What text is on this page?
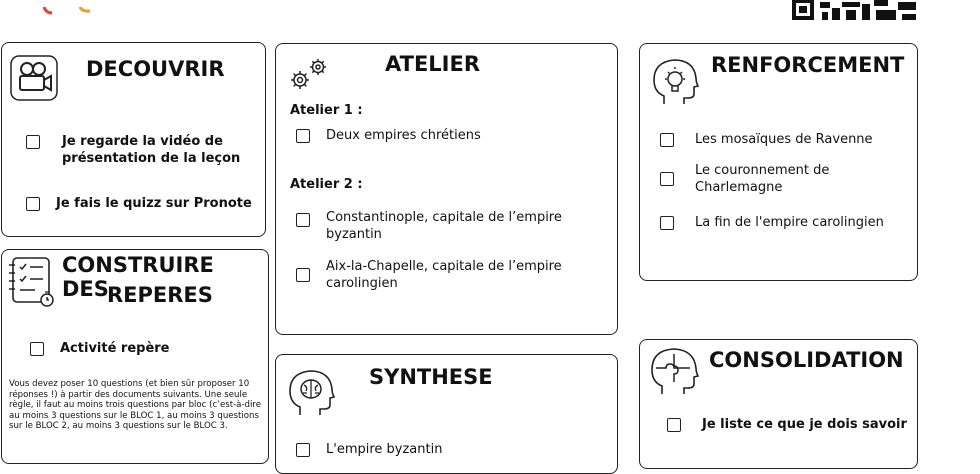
DECOUVRIR
Je regarde la vidéo de présentation de la leçon
Je fais le quizz sur Pronote
ATELIER
Atelier 1 :
Deux empires chrétiens
Atelier 2 :
Constantinople, capitale de l’empire byzantin
Aix-la-Chapelle, capitale de l’empire carolingien
RENFORCEMENT
Les mosaïques de Ravenne
Le couronnement de Charlemagne
La fin de l'empire carolingien
CONSTRUIRE DES
REPERES
Activité repère
Vous devez poser 10 questions (et bien sûr proposer 10 réponses !) à partir des documents suivants. Une seule règle, il faut au moins trois questions par bloc (c’est-à-dire au moins 3 questions sur le BLOC 1, au moins 3 questions sur le BLOC 2, au moins 3 questions sur le BLOC 3.
SYNTHESE
L'empire byzantin
CONSOLIDATION
Je liste ce que je dois savoir
